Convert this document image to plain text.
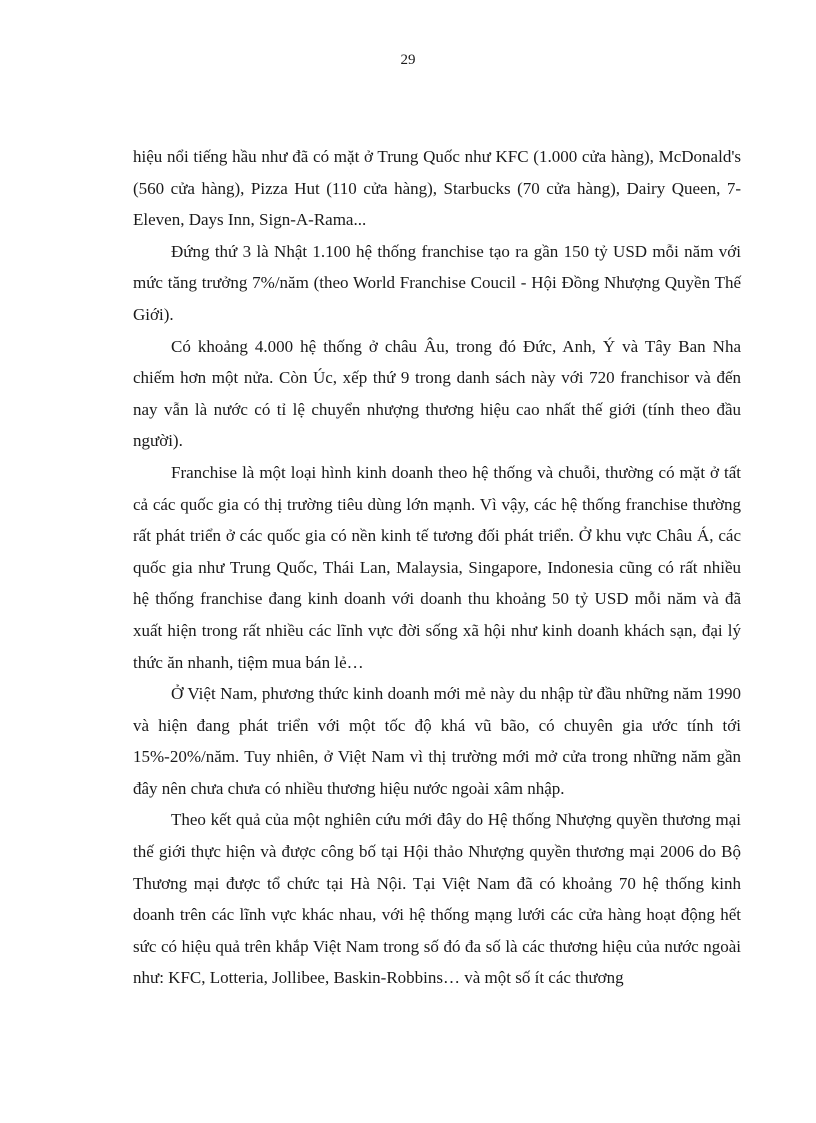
29

hiệu nổi tiếng hầu như đã có mặt ở Trung Quốc như KFC (1.000 cửa hàng), McDonald's (560 cửa hàng), Pizza Hut (110 cửa hàng), Starbucks (70 cửa hàng), Dairy Queen, 7-Eleven, Days Inn, Sign-A-Rama...

Đứng thứ 3 là Nhật 1.100 hệ thống franchise tạo ra gần 150 tỷ USD mỗi năm với mức tăng trưởng 7%/năm (theo World Franchise Coucil - Hội Đồng Nhượng Quyền Thế Giới).

Có khoảng 4.000 hệ thống ở châu Âu, trong đó Đức, Anh, Ý và Tây Ban Nha chiếm hơn một nửa. Còn Úc, xếp thứ 9 trong danh sách này với 720 franchisor và đến nay vẫn là nước có tỉ lệ chuyển nhượng thương hiệu cao nhất thế giới (tính theo đầu người).

Franchise là một loại hình kinh doanh theo hệ thống và chuỗi, thường có mặt ở tất cả các quốc gia có thị trường tiêu dùng lớn mạnh. Vì vậy, các hệ thống franchise thường rất phát triển ở các quốc gia có nền kinh tế tương đối phát triển. Ở khu vực Châu Á, các quốc gia như Trung Quốc, Thái Lan, Malaysia, Singapore, Indonesia cũng có rất nhiều hệ thống franchise đang kinh doanh với doanh thu khoảng 50 tỷ USD mỗi năm và đã xuất hiện trong rất nhiều các lĩnh vực đời sống xã hội như kinh doanh khách sạn, đại lý thức ăn nhanh, tiệm mua bán lẻ…

Ở Việt Nam, phương thức kinh doanh mới mẻ này du nhập từ đầu những năm 1990 và hiện đang phát triển với một tốc độ khá vũ bão, có chuyên gia ước tính tới 15%-20%/năm. Tuy nhiên, ở Việt Nam vì thị trường mới mở cửa trong những năm gần đây nên chưa chưa có nhiều thương hiệu nước ngoài xâm nhập.

Theo kết quả của một nghiên cứu mới đây do Hệ thống Nhượng quyền thương mại thế giới thực hiện và được công bố tại Hội thảo Nhượng quyền thương mại 2006 do Bộ Thương mại được tổ chức tại Hà Nội. Tại Việt Nam đã có khoảng 70 hệ thống kinh doanh trên các lĩnh vực khác nhau, với hệ thống mạng lưới các cửa hàng hoạt động hết sức có hiệu quả trên khắp Việt Nam trong số đó đa số là các thương hiệu của nước ngoài như: KFC, Lotteria, Jollibee, Baskin-Robbins… và một số ít các thương
